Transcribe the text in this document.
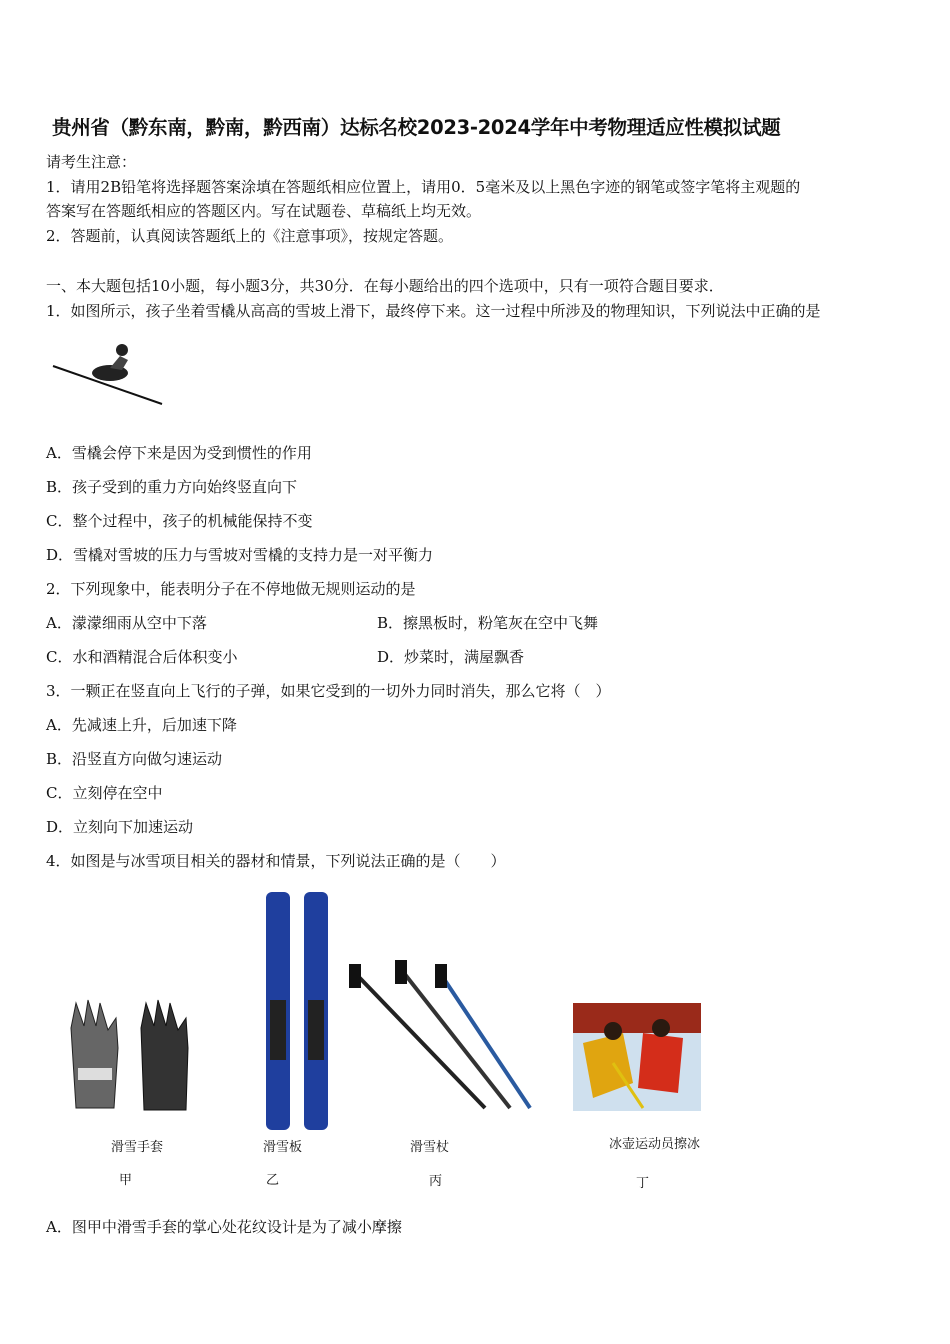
贵州省（黔东南，黔南，黔西南）达标名校2023-2024学年中考物理适应性模拟试题
请考生注意：
1．请用2B铅笔将选择题答案涂填在答题纸相应位置上，请用0．5毫米及以上黑色字迹的钢笔或签字笔将主观题的
答案写在答题纸相应的答题区内。写在试题卷、草稿纸上均无效。
2．答题前，认真阅读答题纸上的《注意事项》，按规定答题。
一、本大题包括10小题，每小题3分，共30分．在每小题给出的四个选项中，只有一项符合题目要求．
1．如图所示，孩子坐着雪橇从高高的雪坡上滑下，最终停下来。这一过程中所涉及的物理知识，下列说法中正确的是
A．雪橇会停下来是因为受到惯性的作用
B．孩子受到的重力方向始终竖直向下
C．整个过程中，孩子的机械能保持不变
D．雪橇对雪坡的压力与雪坡对雪橇的支持力是一对平衡力
2．下列现象中，能表明分子在不停地做无规则运动的是
A．濛濛细雨从空中下落	B．擦黑板时，粉笔灰在空中飞舞
C．水和酒精混合后体积变小	D．炒菜时，满屋飘香
3．一颗正在竖直向上飞行的子弹，如果它受到的一切外力同时消失，那么它将（　）
A．先减速上升，后加速下降
B．沿竖直方向做匀速运动
C．立刻停在空中
D．立刻向下加速运动
4．如图是与冰雪项目相关的器材和情景，下列说法正确的是（　　）
滑雪手套	滑雪板	滑雪杖	冰壶运动员擦冰
甲	乙	丙	丁
A．图甲中滑雪手套的掌心处花纹设计是为了减小摩擦
